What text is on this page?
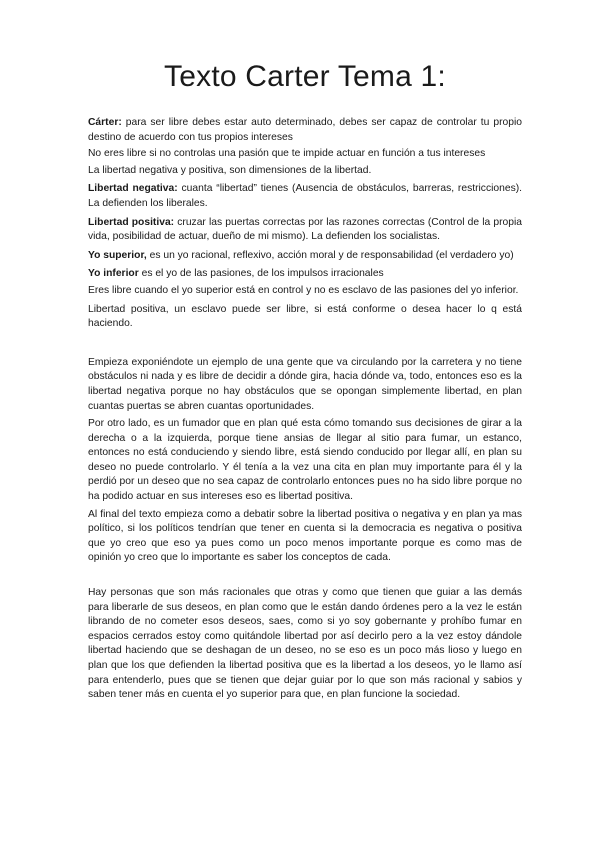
Texto Carter Tema 1:

Cárter: para ser libre debes estar auto determinado, debes ser capaz de controlar tu propio destino de acuerdo con tus propios intereses

No eres libre si no controlas una pasión que te impide actuar en función a tus intereses

La libertad negativa y positiva, son dimensiones de la libertad.

Libertad negativa: cuanta “libertad” tienes (Ausencia de obstáculos, barreras, restricciones). La defienden los liberales.

Libertad positiva: cruzar las puertas correctas por las razones correctas (Control de la propia vida, posibilidad de actuar, dueño de mi mismo). La defienden los socialistas.

Yo superior, es un yo racional, reflexivo, acción moral y de responsabilidad (el verdadero yo)

Yo inferior es el yo de las pasiones, de los impulsos irracionales

Eres libre cuando el yo superior está en control y no es esclavo de las pasiones del yo inferior.

Libertad positiva, un esclavo puede ser libre, si está conforme o desea hacer lo q está haciendo.

Empieza exponiéndote un ejemplo de una gente que va circulando por la carretera y no tiene obstáculos ni nada y es libre de decidir a dónde gira, hacia dónde va, todo, entonces eso es la libertad negativa porque no hay obstáculos que se opongan simplemente libertad, en plan cuantas puertas se abren cuantas oportunidades.

Por otro lado, es un fumador que en plan qué esta cómo tomando sus decisiones de girar a la derecha o a la izquierda, porque tiene ansias de llegar al sitio para fumar, un estanco, entonces no está conduciendo y siendo libre, está siendo conducido por llegar allí, en plan su deseo no puede controlarlo. Y él tenía a la vez una cita en plan muy importante para él y la perdió por un deseo que no sea capaz de controlarlo entonces pues no ha sido libre porque no ha podido actuar en sus intereses eso es libertad positiva.

Al final del texto empieza como a debatir sobre la libertad positiva o negativa y en plan ya mas político, si los políticos tendrían que tener en cuenta si la democracia es negativa o positiva que yo creo que eso ya pues como un poco menos importante porque es como mas de opinión yo creo que lo importante es saber los conceptos de cada.

Hay personas que son más racionales que otras y como que tienen que guiar a las demás para liberarle de sus deseos, en plan como que le están dando órdenes pero a la vez le están librando de no cometer esos deseos, saes, como si yo soy gobernante y prohíbo fumar en espacios cerrados estoy como quitándole libertad por así decirlo pero a la vez estoy dándole libertad haciendo que se deshagan de un deseo, no se eso es un poco más lioso y luego en plan que los que defienden la libertad positiva que es la libertad a los deseos, yo le llamo así para entenderlo, pues que se tienen que dejar guiar por lo que son más racional y sabios y saben tener más en cuenta el yo superior para que, en plan funcione la sociedad.
